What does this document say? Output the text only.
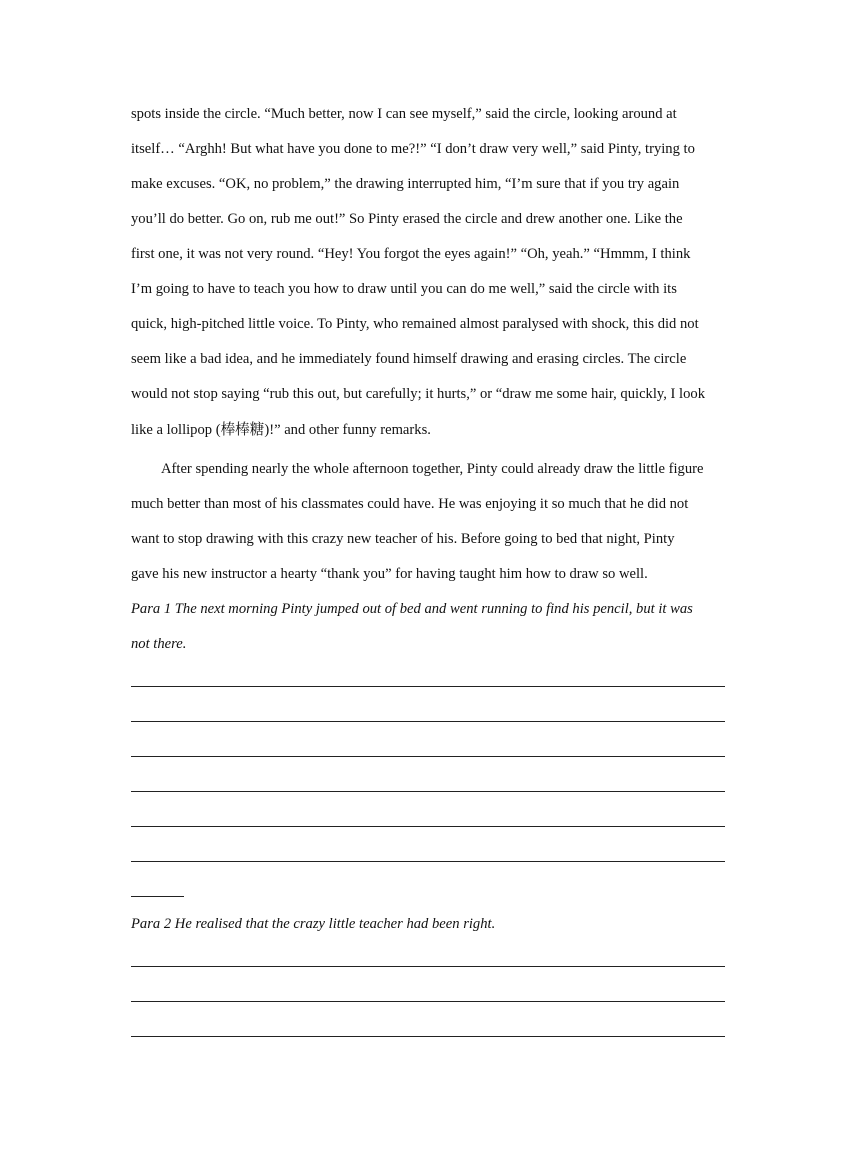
spots inside the circle. “Much better, now I can see myself,” said the circle, looking around at
itself… “Arghh! But what have you done to me?!” “I don’t draw very well,” said Pinty, trying to
make excuses. “OK, no problem,” the drawing interrupted him, “I’m sure that if you try again
you’ll do better. Go on, rub me out!” So Pinty erased the circle and drew another one. Like the
first one, it was not very round. “Hey! You forgot the eyes again!” “Oh, yeah.” “Hmmm, I think
I’m going to have to teach you how to draw until you can do me well,” said the circle with its
quick, high-pitched little voice. To Pinty, who remained almost paralysed with shock, this did not
seem like a bad idea, and he immediately found himself drawing and erasing circles. The circle
would not stop saying “rub this out, but carefully; it hurts,” or “draw me some hair, quickly, I look
like a lollipop (棒棒糖)!” and other funny remarks.
After spending nearly the whole afternoon together, Pinty could already draw the little figure
much better than most of his classmates could have. He was enjoying it so much that he did not
want to stop drawing with this crazy new teacher of his. Before going to bed that night, Pinty
gave his new instructor a hearty “thank you” for having taught him how to draw so well.
Para 1 The next morning Pinty jumped out of bed and went running to find his pencil, but it was
not there.
Para 2 He realised that the crazy little teacher had been right.
